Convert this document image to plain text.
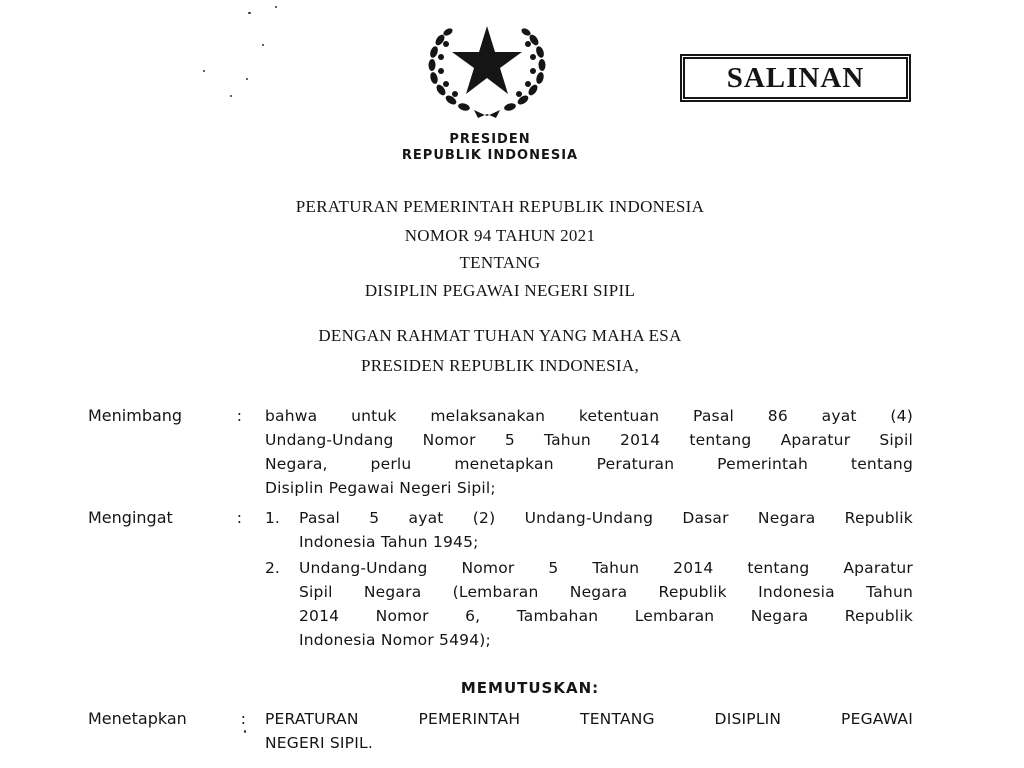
SALINAN
PRESIDEN
REPUBLIK INDONESIA
PERATURAN PEMERINTAH REPUBLIK INDONESIA
NOMOR 94 TAHUN 2021
TENTANG
DISIPLIN PEGAWAI NEGERI SIPIL
DENGAN RAHMAT TUHAN YANG MAHA ESA
PRESIDEN REPUBLIK INDONESIA,
Menimbang	: bahwa untuk melaksanakan ketentuan Pasal 86 ayat (4)
Undang-Undang Nomor 5 Tahun 2014 tentang Aparatur Sipil
Negara, perlu menetapkan Peraturan Pemerintah tentang
Disiplin Pegawai Negeri Sipil;
Mengingat	: 1. Pasal 5 ayat (2) Undang-Undang Dasar Negara Republik
Indonesia Tahun 1945;
2. Undang-Undang Nomor 5 Tahun 2014 tentang Aparatur
Sipil Negara (Lembaran Negara Republik Indonesia Tahun
2014 Nomor 6, Tambahan Lembaran Negara Republik
Indonesia Nomor 5494);
MEMUTUSKAN:
Menetapkan	: PERATURAN PEMERINTAH TENTANG DISIPLIN PEGAWAI
NEGERI SIPIL.
